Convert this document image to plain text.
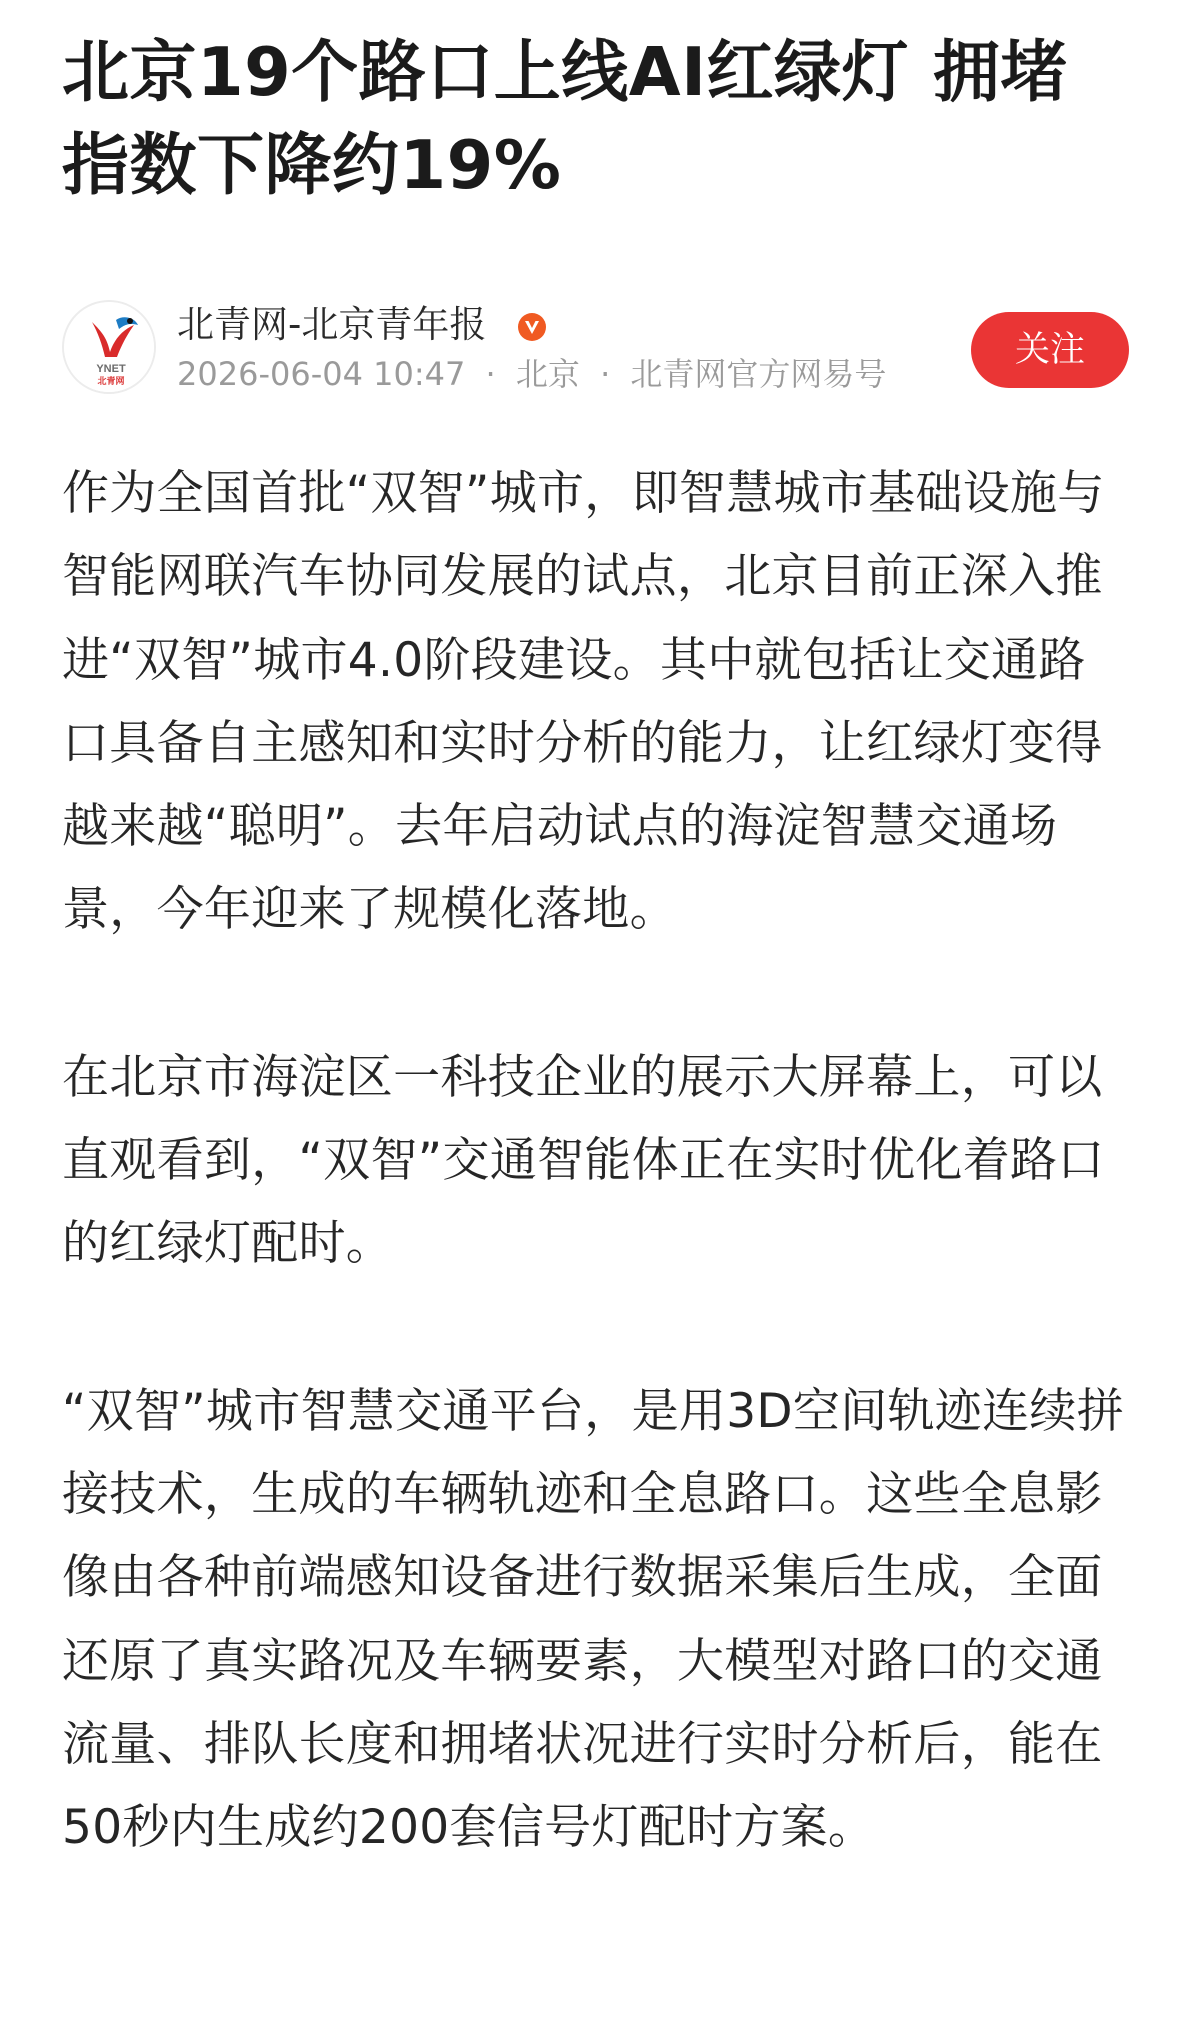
北京19个路口上线AI红绿灯 拥堵指数下降约19%
YNET
北青网
北青网-北京青年报
2026-06-04 10:47 · 北京 · 北青网官方网易号
关注

作为全国首批“双智”城市，即智慧城市基础设施与智能网联汽车协同发展的试点，北京目前正深入推进“双智”城市4.0阶段建设。其中就包括让交通路口具备自主感知和实时分析的能力，让红绿灯变得越来越“聪明”。去年启动试点的海淀智慧交通场景，今年迎来了规模化落地。

在北京市海淀区一科技企业的展示大屏幕上，可以直观看到，“双智”交通智能体正在实时优化着路口的红绿灯配时。

“双智”城市智慧交通平台，是用3D空间轨迹连续拼接技术，生成的车辆轨迹和全息路口。这些全息影像由各种前端感知设备进行数据采集后生成，全面还原了真实路况及车辆要素，大模型对路口的交通流量、排队长度和拥堵状况进行实时分析后，能在50秒内生成约200套信号灯配时方案。
